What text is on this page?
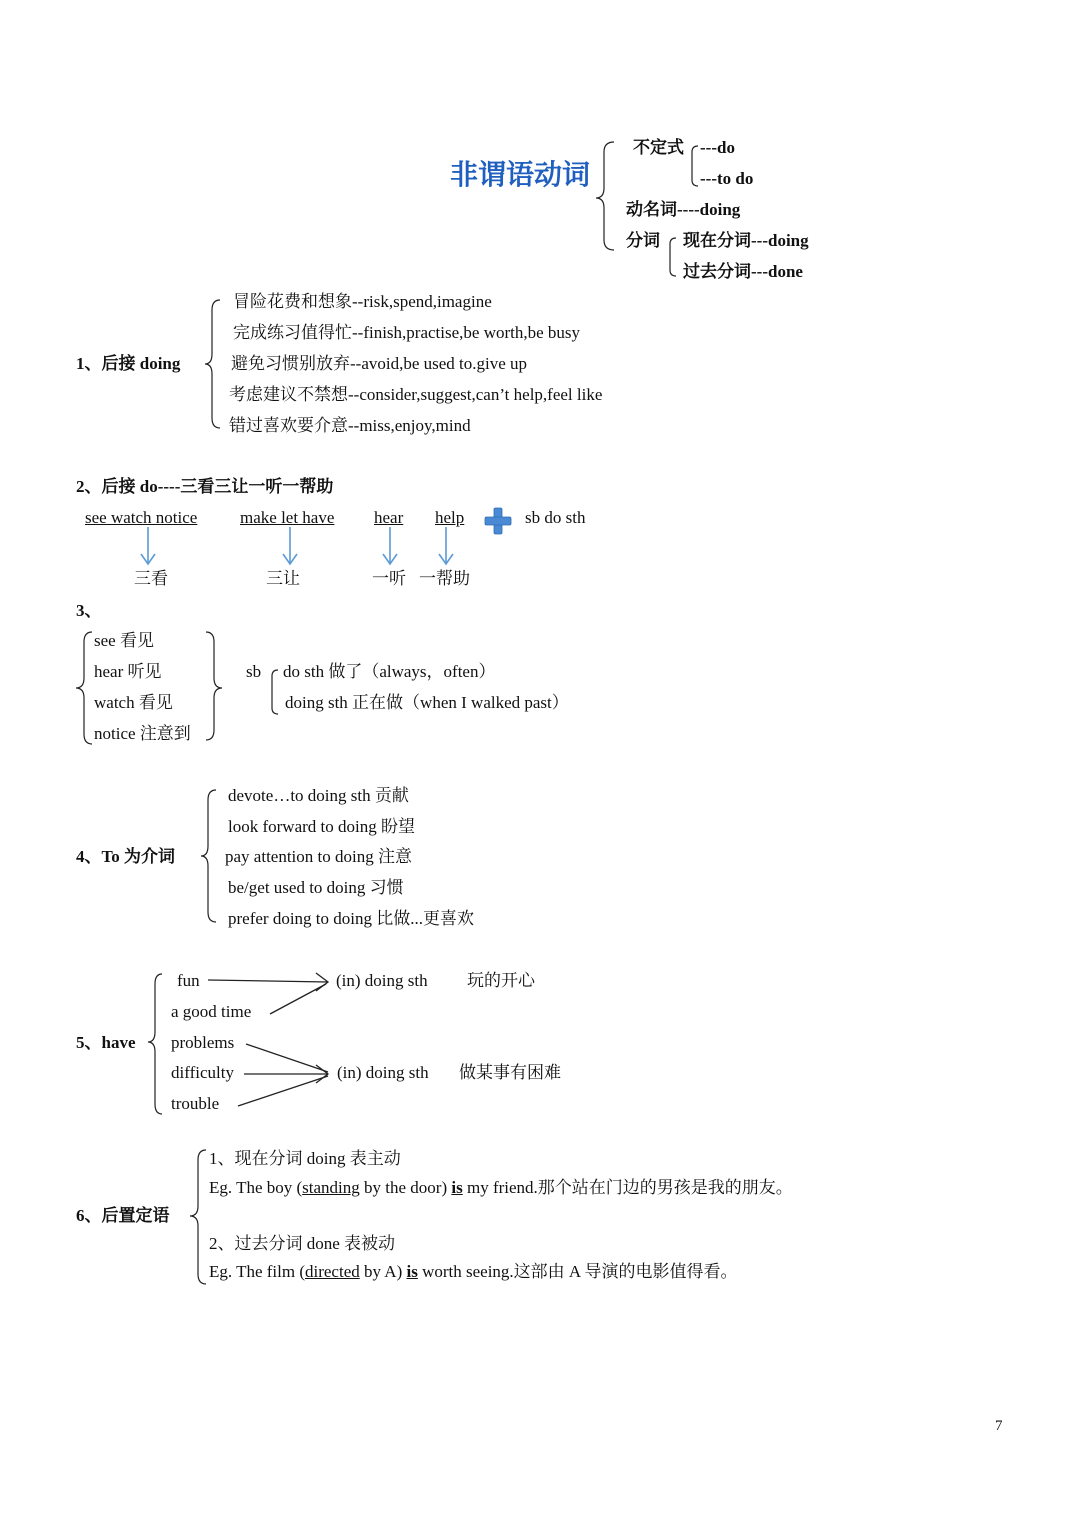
非谓语动词
不定式 ---do
---to do
动名词----doing
分词 现在分词---doing
过去分词---done
1、后接 doing
冒险花费和想象--risk,spend,imagine
完成练习值得忙--finish,practise,be worth,be busy
避免习惯别放弃--avoid,be used to.give up
考虑建议不禁想--consider,suggest,can’t help,feel like
错过喜欢要介意--miss,enjoy,mind
2、后接 do----三看三让一听一帮助
see watch notice	make let have hear help	sb do sth
三看	三让	一听 一帮助
3、
see 看见
hear 听见
watch 看见
notice 注意到
sb do sth 做了（always，often）
doing sth 正在做（when I walked past）
4、To 为介词
devote…to doing sth 贡献
look forward to doing 盼望
pay attention to doing 注意
be/get used to doing 习惯
prefer doing to doing 比做...更喜欢
5、have
fun
a good time
problems
difficulty
trouble
(in) doing sth 玩的开心
(in) doing sth 做某事有困难
6、后置定语
1、现在分词 doing 表主动
Eg. The boy (standing by the door) is my friend.那个站在门边的男孩是我的朋友。
2、过去分词 done 表被动
Eg. The film (directed by A) is worth seeing.这部由 A 导演的电影值得看。
7
